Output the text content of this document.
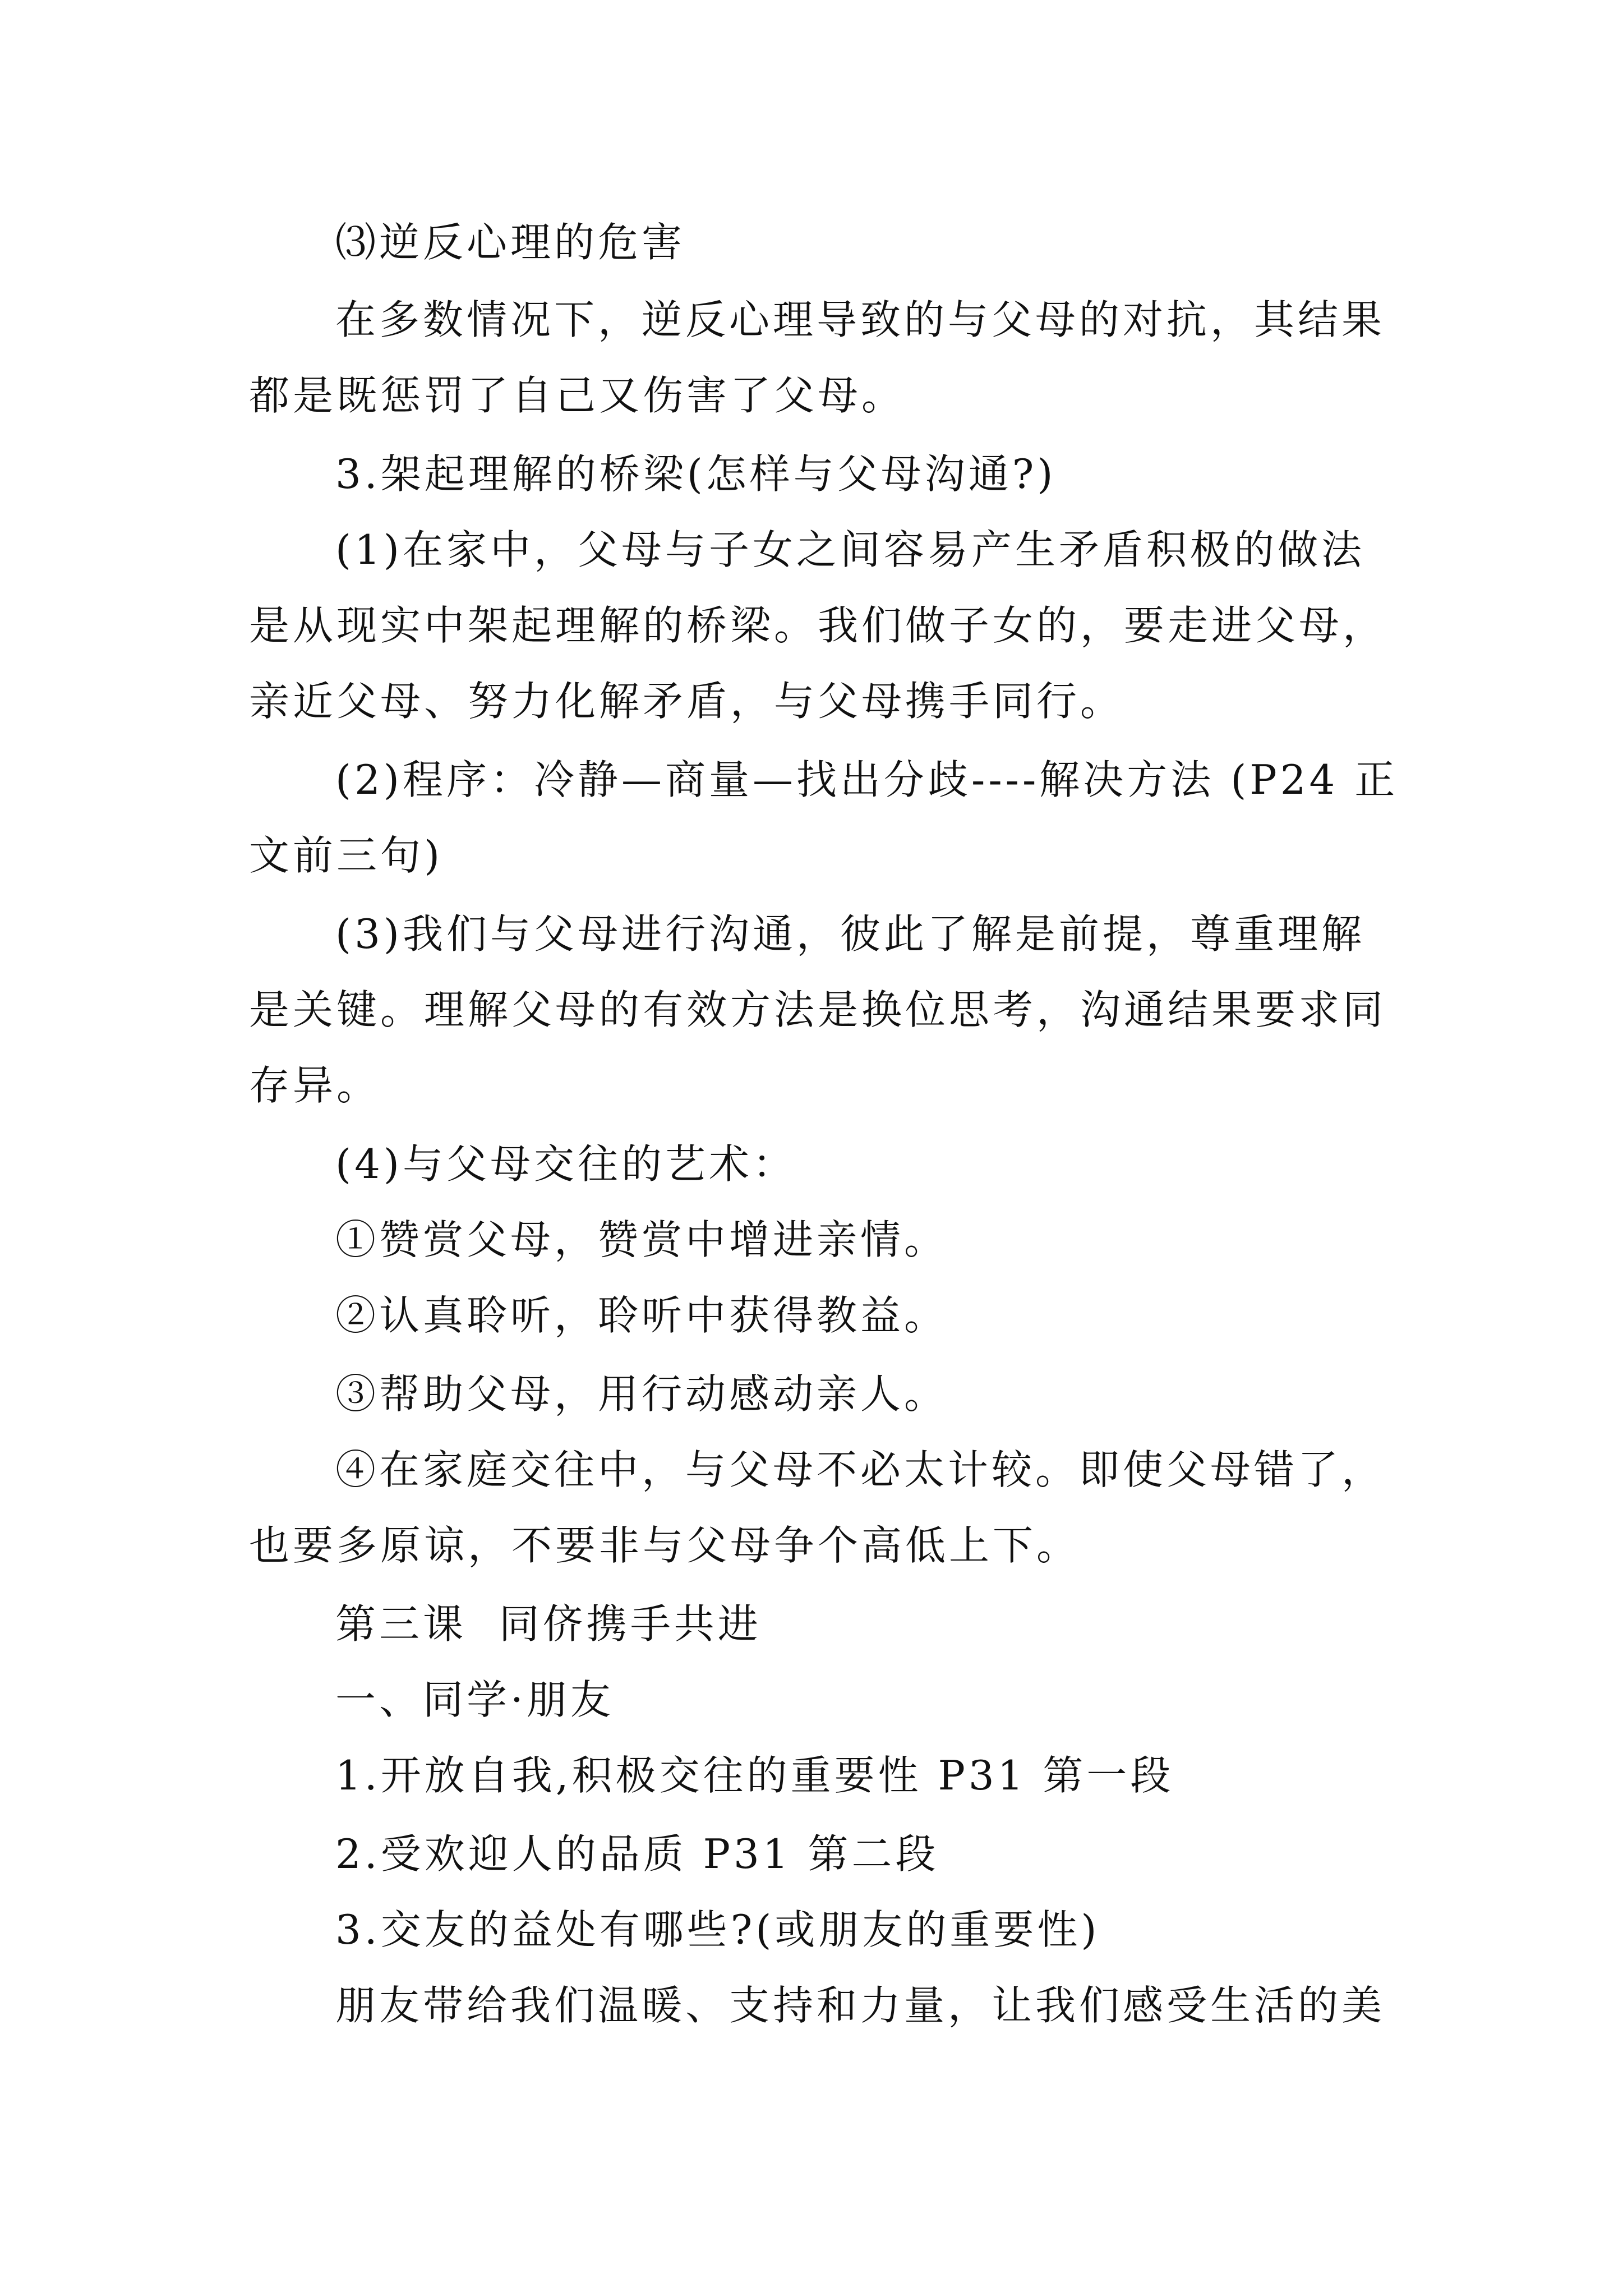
⑶逆反心理的危害
在多数情况下，逆反心理导致的与父母的对抗，其结果
都是既惩罚了自己又伤害了父母。
3.架起理解的桥梁(怎样与父母沟通?)
(1)在家中，父母与子女之间容易产生矛盾积极的做法
是从现实中架起理解的桥梁。我们做子女的，要走进父母，
亲近父母、努力化解矛盾，与父母携手同行。
(2)程序：冷静—商量—找出分歧----解决方法 (P24 正
文前三句)
(3)我们与父母进行沟通，彼此了解是前提，尊重理解
是关键。理解父母的有效方法是换位思考，沟通结果要求同
存异。
(4)与父母交往的艺术：
①赞赏父母，赞赏中增进亲情。
②认真聆听，聆听中获得教益。
③帮助父母，用行动感动亲人。
④在家庭交往中，与父母不必太计较。即使父母错了，
也要多原谅，不要非与父母争个高低上下。
第三课  同侪携手共进
一、同学·朋友
1.开放自我,积极交往的重要性 P31 第一段
2.受欢迎人的品质 P31 第二段
3.交友的益处有哪些?(或朋友的重要性)
朋友带给我们温暖、支持和力量，让我们感受生活的美
